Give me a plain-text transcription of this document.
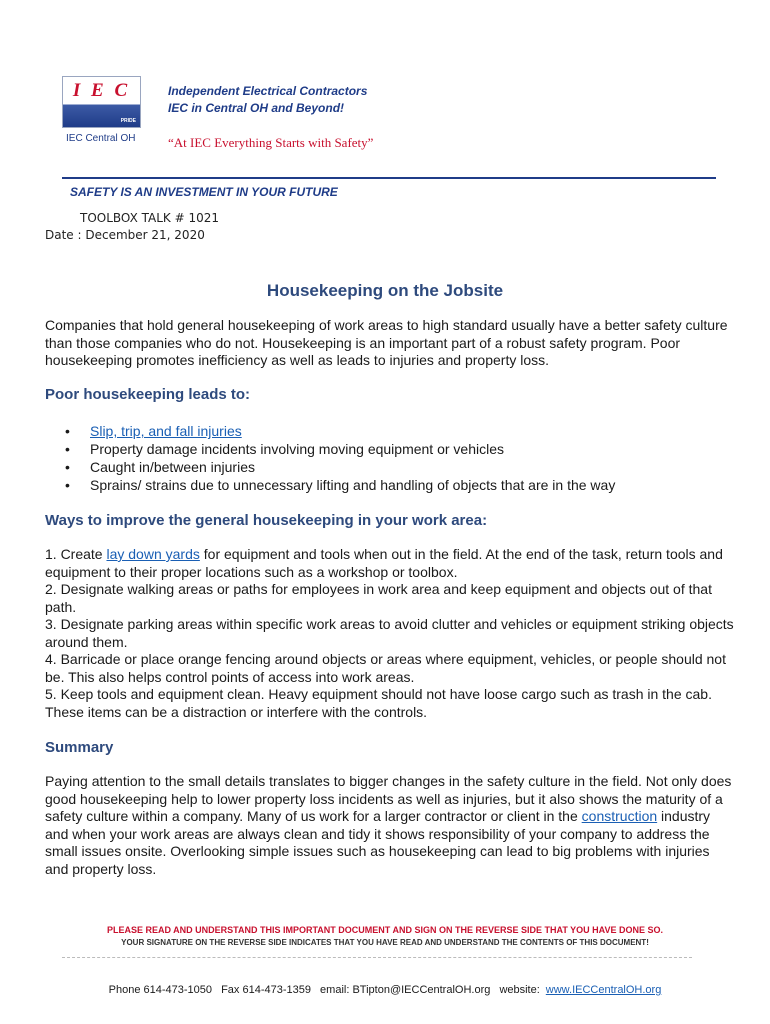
I E C
PRIDE
IEC Central OH
Independent Electrical Contractors
IEC in Central OH and Beyond!
“At IEC Everything Starts with Safety”
SAFETY IS AN INVESTMENT IN YOUR FUTURE
TOOLBOX TALK # 1021
Date : December 21, 2020
Housekeeping on the Jobsite
Companies that hold general housekeeping of work areas to high standard usually have a better safety culture than those companies who do not. Housekeeping is an important part of a robust safety program. Poor housekeeping promotes inefficiency as well as leads to injuries and property loss.
Poor housekeeping leads to:
• Slip, trip, and fall injuries
• Property damage incidents involving moving equipment or vehicles
• Caught in/between injuries
• Sprains/ strains due to unnecessary lifting and handling of objects that are in the way
Ways to improve the general housekeeping in your work area:
1. Create lay down yards for equipment and tools when out in the field. At the end of the task, return tools and equipment to their proper locations such as a workshop or toolbox.
2. Designate walking areas or paths for employees in work area and keep equipment and objects out of that path.
3. Designate parking areas within specific work areas to avoid clutter and vehicles or equipment striking objects around them.
4. Barricade or place orange fencing around objects or areas where equipment, vehicles, or people should not be. This also helps control points of access into work areas.
5. Keep tools and equipment clean. Heavy equipment should not have loose cargo such as trash in the cab. These items can be a distraction or interfere with the controls.
Summary
Paying attention to the small details translates to bigger changes in the safety culture in the field. Not only does good housekeeping help to lower property loss incidents as well as injuries, but it also shows the maturity of a safety culture within a company. Many of us work for a larger contractor or client in the construction industry and when your work areas are always clean and tidy it shows responsibility of your company to address the small issues onsite. Overlooking simple issues such as housekeeping can lead to big problems with injuries and property loss.
PLEASE READ AND UNDERSTAND THIS IMPORTANT DOCUMENT AND SIGN ON THE REVERSE SIDE THAT YOU HAVE DONE SO.
YOUR SIGNATURE ON THE REVERSE SIDE INDICATES THAT YOU HAVE READ AND UNDERSTAND THE CONTENTS OF THIS DOCUMENT!
Phone 614-473-1050 Fax 614-473-1359 email: BTipton@IECCentralOH.org website: www.IECCentralOH.org
